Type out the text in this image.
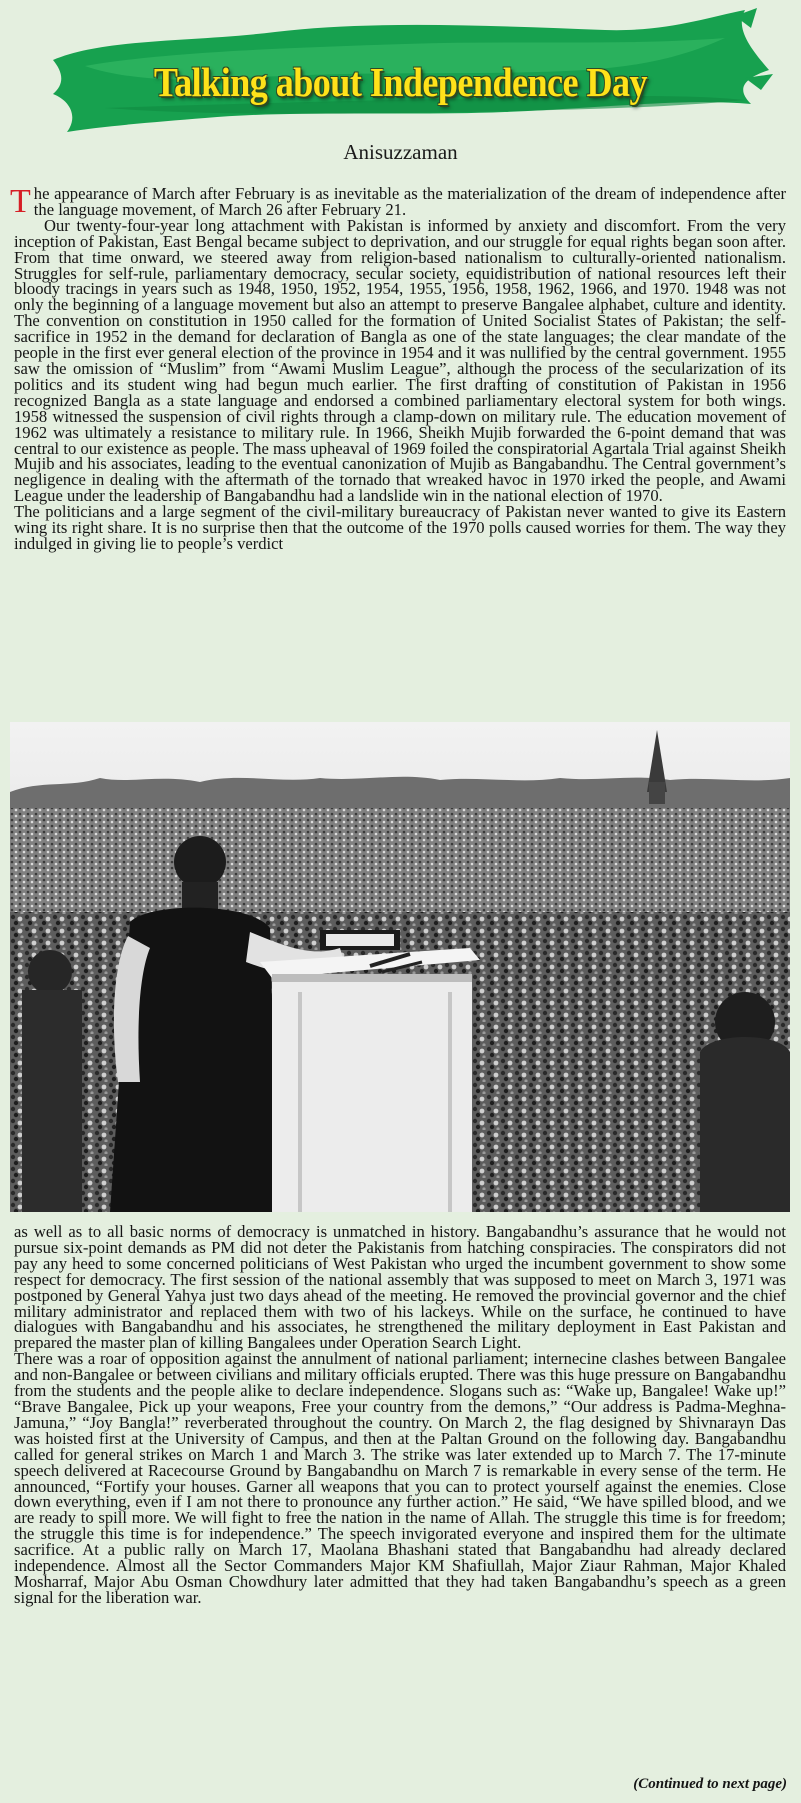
Talking about Independence Day

Anisuzzaman

The appearance of March after February is as inevitable as the materialization of the dream of independence after the language movement, of March 26 after February 21.

Our twenty-four-year long attachment with Pakistan is informed by anxiety and discomfort. From the very inception of Pakistan, East Bengal became subject to deprivation, and our struggle for equal rights began soon after. From that time onward, we steered away from religion-based nationalism to culturally-oriented nationalism. Struggles for self-rule, parliamentary democracy, secular society, equidistribution of national resources left their bloody tracings in years such as 1948, 1950, 1952, 1954, 1955, 1956, 1958, 1962, 1966, and 1970. 1948 was not only the beginning of a language movement but also an attempt to preserve Bangalee alphabet, culture and identity. The convention on constitution in 1950 called for the formation of United Socialist States of Pakistan; the self-sacrifice in 1952 in the demand for declaration of Bangla as one of the state languages; the clear mandate of the people in the first ever general election of the province in 1954 and it was nullified by the central government. 1955 saw the omission of “Muslim” from “Awami Muslim League”, although the process of the secularization of its politics and its student wing had begun much earlier. The first drafting of constitution of Pakistan in 1956 recognized Bangla as a state language and endorsed a combined parliamentary electoral system for both wings. 1958 witnessed the suspension of civil rights through a clamp-down on military rule. The education movement of 1962 was ultimately a resistance to military rule. In 1966, Sheikh Mujib forwarded the 6-point demand that was central to our existence as people. The mass upheaval of 1969 foiled the conspiratorial Agartala Trial against Sheikh Mujib and his associates, leading to the eventual canonization of Mujib as Bangabandhu. The Central government’s negligence in dealing with the aftermath of the tornado that wreaked havoc in 1970 irked the people, and Awami League under the leadership of Bangabandhu had a landslide win in the national election of 1970.

The politicians and a large segment of the civil-military bureaucracy of Pakistan never wanted to give its Eastern wing its right share. It is no surprise then that the outcome of the 1970 polls caused worries for them. The way they indulged in giving lie to people’s verdict

as well as to all basic norms of democracy is unmatched in history. Bangabandhu’s assurance that he would not pursue six-point demands as PM did not deter the Pakistanis from hatching conspiracies. The conspirators did not pay any heed to some concerned politicians of West Pakistan who urged the incumbent government to show some respect for democracy. The first session of the national assembly that was supposed to meet on March 3, 1971 was postponed by General Yahya just two days ahead of the meeting. He removed the provincial governor and the chief military administrator and replaced them with two of his lackeys. While on the surface, he continued to have dialogues with Bangabandhu and his associates, he strengthened the military deployment in East Pakistan and prepared the master plan of killing Bangalees under Operation Search Light.

There was a roar of opposition against the annulment of national parliament; internecine clashes between Bangalee and non-Bangalee or between civilians and military officials erupted. There was this huge pressure on Bangabandhu from the students and the people alike to declare independence. Slogans such as: “Wake up, Bangalee! Wake up!” “Brave Bangalee, Pick up your weapons, Free your country from the demons,” “Our address is Padma-Meghna-Jamuna,” “Joy Bangla!” reverberated throughout the country. On March 2, the flag designed by Shivnarayn Das was hoisted first at the University of Campus, and then at the Paltan Ground on the following day. Bangabandhu called for general strikes on March 1 and March 3. The strike was later extended up to March 7. The 17-minute speech delivered at Racecourse Ground by Bangabandhu on March 7 is remarkable in every sense of the term. He announced, “Fortify your houses. Garner all weapons that you can to protect yourself against the enemies. Close down everything, even if I am not there to pronounce any further action.” He said, “We have spilled blood, and we are ready to spill more. We will fight to free the nation in the name of Allah. The struggle this time is for freedom; the struggle this time is for independence.” The speech invigorated everyone and inspired them for the ultimate sacrifice. At a public rally on March 17, Maolana Bhashani stated that Bangabandhu had already declared independence. Almost all the Sector Commanders Major KM Shafiullah, Major Ziaur Rahman, Major Khaled Mosharraf, Major Abu Osman Chowdhury later admitted that they had taken Bangabandhu’s speech as a green signal for the liberation war.

(Continued to next page)
